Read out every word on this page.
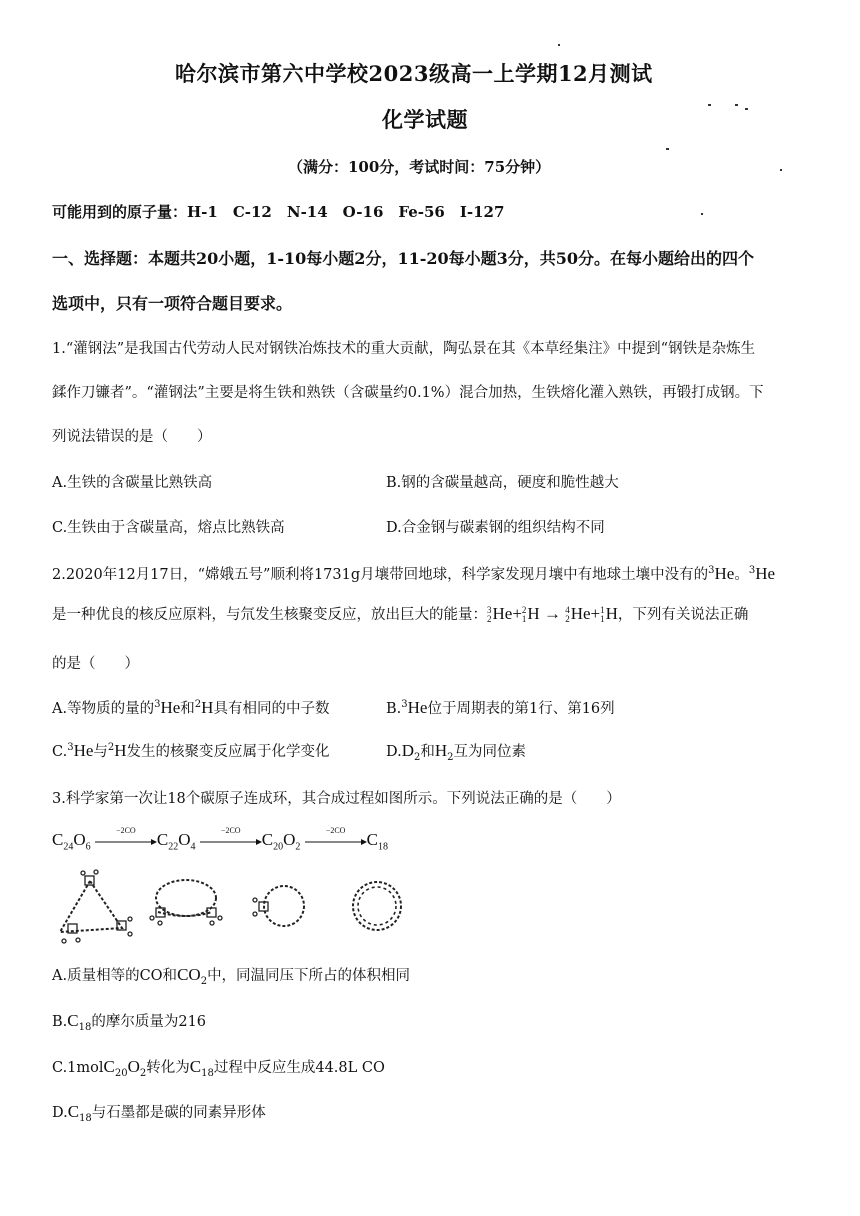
哈尔滨市第六中学校2023级高一上学期12月测试
化学试题
（满分：100分，考试时间：75分钟）
可能用到的原子量：H-1　C-12　N-14　O-16　Fe-56　I-127
一、选择题：本题共20小题，1-10每小题2分，11-20每小题3分，共50分。在每小题给出的四个
选项中，只有一项符合题目要求。
1.“灌钢法”是我国古代劳动人民对钢铁冶炼技术的重大贡献，陶弘景在其《本草经集注》中提到“钢铁是杂炼生
鍒作刀镰者”。“灌钢法”主要是将生铁和熟铁（含碳量约0.1%）混合加热，生铁熔化灌入熟铁，再锻打成钢。下
列说法错误的是（　　）
A.生铁的含碳量比熟铁高	B.钢的含碳量越高，硬度和脆性越大
C.生铁由于含碳量高，熔点比熟铁高	D.合金钢与碳素钢的组织结构不同
2.2020年12月17日，“嫦娥五号”顺利将1731g月壤带回地球，科学家发现月壤中有地球土壤中没有的$^3$He。$^3$He
是一种优良的核反应原料，与氘发生核聚变反应，放出巨大的能量： 3
2 He+ 2
1 H → 4
2 He+ 1
1 H，下列有关说法正确
的是（　　）
A.等物质的量的$^3$He和$^2$H具有相同的中子数	B.$^3$He位于周期表的第1行、第16列
C.$^3$He与$^2$H发生的核聚变反应属于化学变化	$D.D_2$和$H_2$互为同位素
3.科学家第一次让18个碳原子连成环，其合成过程如图所示。下列说法正确的是（　　）
$C_{24}O_6$
−2CO	$C_{22}O_4$
−2CO	$C_{20}O_2$
−2CO	$C_{18}$
A.质量相等的CO和$CO_2$中，同温同压下所占的体积相同
$B.C_{18}$的摩尔质量为216
$C.1molC_{20}O_2$转化为$C_{18}$过程中反应生成44.8L CO
$D.C_{18}$与石墨都是碳的同素异形体
